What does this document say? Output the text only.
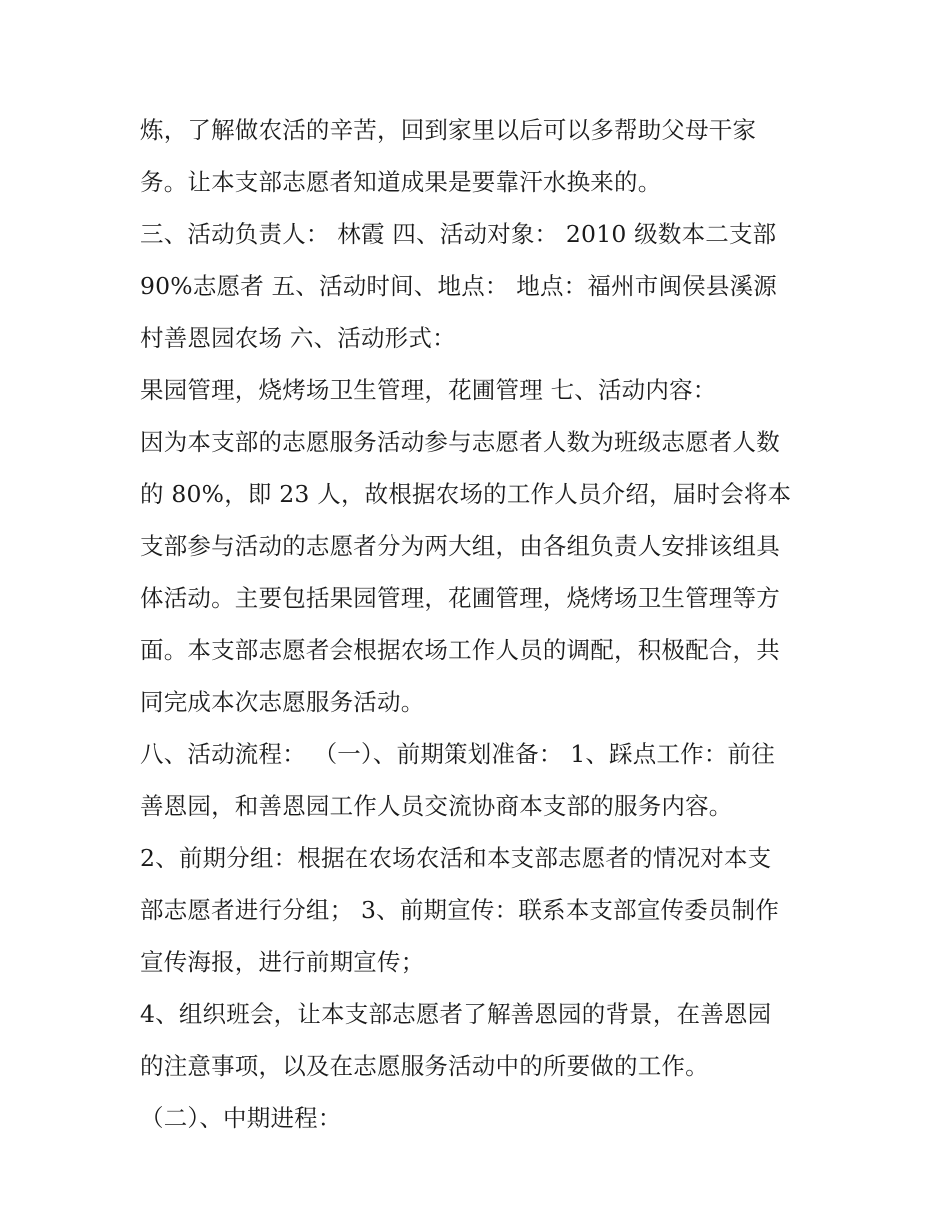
炼，了解做农活的辛苦，回到家里以后可以多帮助父母干家
务。让本支部志愿者知道成果是要靠汗水换来的。
三、活动负责人： 林霞 四、活动对象： 2010 级数本二支部
90%志愿者 五、活动时间、地点： 地点：福州市闽侯县溪源
村善恩园农场 六、活动形式：
果园管理，烧烤场卫生管理，花圃管理 七、活动内容：
因为本支部的志愿服务活动参与志愿者人数为班级志愿者人数
的 80%，即 23 人，故根据农场的工作人员介绍，届时会将本
支部参与活动的志愿者分为两大组，由各组负责人安排该组具
体活动。主要包括果园管理，花圃管理，烧烤场卫生管理等方
面。本支部志愿者会根据农场工作人员的调配，积极配合，共
同完成本次志愿服务活动。
八、活动流程： （一）、前期策划准备： 1、踩点工作：前往
善恩园，和善恩园工作人员交流协商本支部的服务内容。
2、前期分组：根据在农场农活和本支部志愿者的情况对本支
部志愿者进行分组； 3、前期宣传：联系本支部宣传委员制作
宣传海报，进行前期宣传；
4、组织班会，让本支部志愿者了解善恩园的背景，在善恩园
的注意事项，以及在志愿服务活动中的所要做的工作。
（二）、中期进程：
